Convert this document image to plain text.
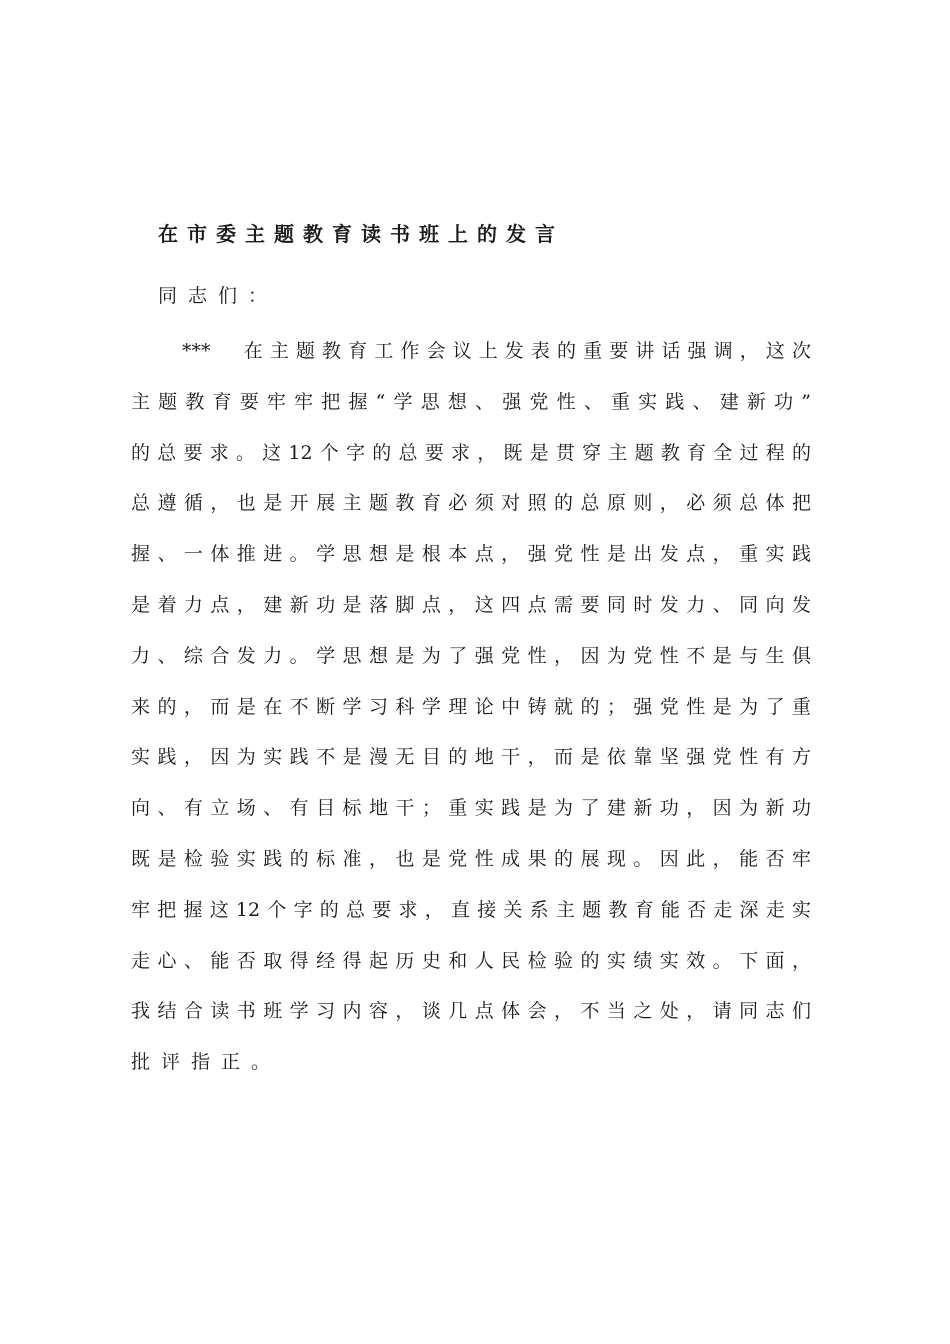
在市委主题教育读书班上的发言
同志们：
***　在主题教育工作会议上发表的重要讲话强调，这次
主题教育要牢牢把握“学思想、强党性、重实践、建新功”
的总要求。这12个字的总要求，既是贯穿主题教育全过程的
总遵循，也是开展主题教育必须对照的总原则，必须总体把
握、一体推进。学思想是根本点，强党性是出发点，重实践
是着力点，建新功是落脚点，这四点需要同时发力、同向发
力、综合发力。学思想是为了强党性，因为党性不是与生俱
来的，而是在不断学习科学理论中铸就的；强党性是为了重
实践，因为实践不是漫无目的地干，而是依靠坚强党性有方
向、有立场、有目标地干；重实践是为了建新功，因为新功
既是检验实践的标准，也是党性成果的展现。因此，能否牢
牢把握这12个字的总要求，直接关系主题教育能否走深走实
走心、能否取得经得起历史和人民检验的实绩实效。下面，
我结合读书班学习内容，谈几点体会，不当之处，请同志们
批评指正。
